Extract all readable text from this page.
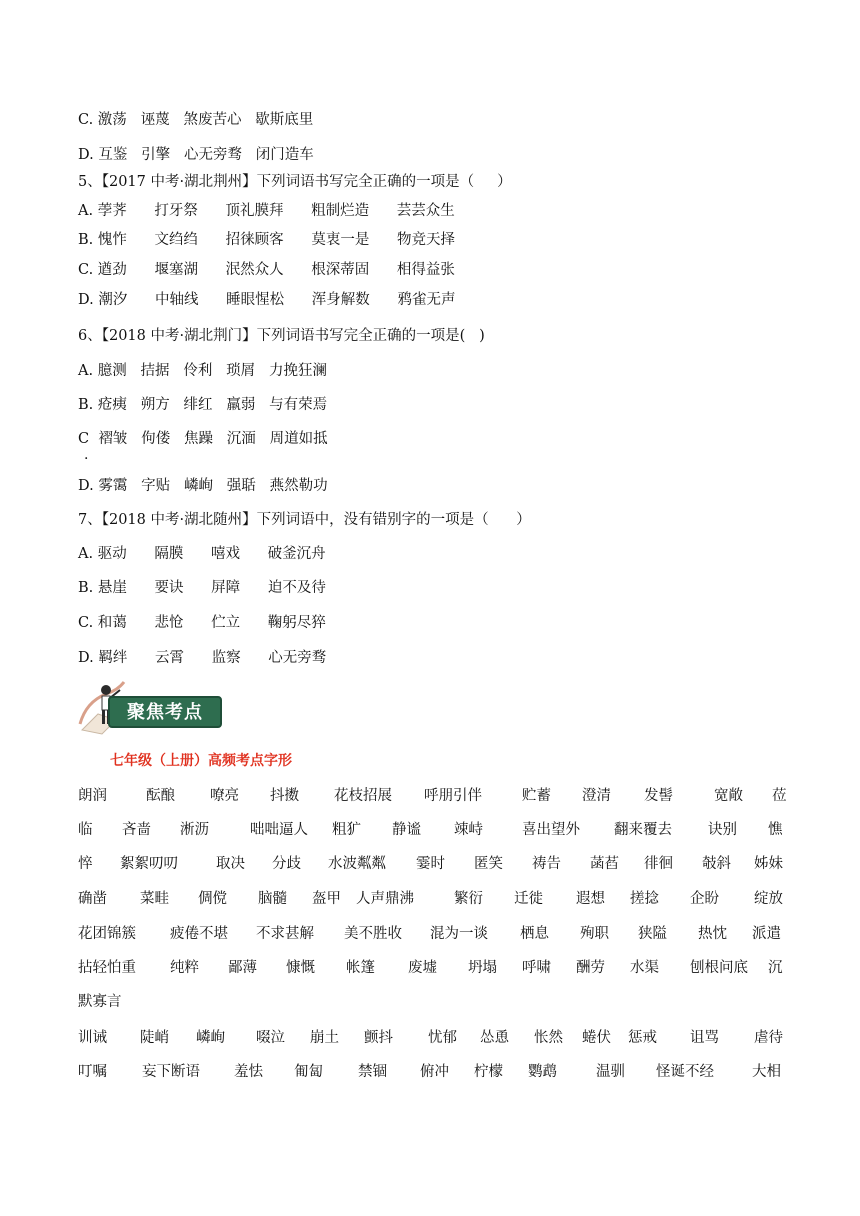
C. 激荡   诬蔑   煞废苦心   歇斯底里
D. 互鉴   引擎   心无旁骛   闭门造车
5、【2017 中考·湖北荆州】下列词语书写完全正确的一项是（     ）
A. 荸荠      打牙祭      顶礼膜拜      粗制烂造      芸芸众生
B. 愧怍      文绉绉      招徕顾客      莫衷一是      物竞天择
C. 遒劲      堰塞湖      泯然众人      根深蒂固      相得益张
D. 潮汐      中轴线      睡眼惺松      浑身解数      鸦雀无声
6、【2018 中考·湖北荆门】下列词语书写完全正确的一项是(   )
A. 臆测   拮据   伶利   琐屑   力挽狂澜
B. 疮痍   朔方   绯红   羸弱   与有荣焉
C  褶皱   佝偻   焦躁   沉湎   周道如抵
·
D. 雾霭   字贴   嶙峋   强聒   燕然勒功
7、【2018 中考·湖北随州】下列词语中，没有错别字的一项是（      ）
A. 驱动      隔膜      嘻戏      破釜沉舟
B. 悬崖      要诀      屏障      迫不及待
C. 和蔼      悲怆      伫立      鞠躬尽猝
D. 羁绊      云霄      监察      心无旁骛
聚焦考点
七年级（上册）高频考点字形
朗润	酝酿 嘹亮 抖擞 花枝招展 呼朋引伴	贮蓄 澄清 发髻	宽敞 莅
临 吝啬 淅沥	咄咄逼人 粗犷 静谧 竦峙	喜出望外 翻来覆去 诀别 憔
悴 絮絮叨叨	取决 分歧 水波粼粼 霎时 匿笑 祷告 菡萏 徘徊 攲斜 姊妹
确凿 菜畦 倜傥 脑髓 盔甲 人声鼎沸	繁衍 迁徙 遐想 搓捻 企盼 绽放
花团锦簇 疲倦不堪 不求甚解 美不胜收 混为一谈 栖息 殉职 狭隘 热忱 派遣
拈轻怕重 纯粹 鄙薄 慷慨 帐篷 废墟 坍塌 呼啸 酬劳 水渠 刨根问底 沉
默寡言
训诫 陡峭 嶙峋 啜泣 崩土 颤抖 忧郁 怂恿 怅然 蜷伏 惩戒 诅骂 虐待
叮嘱 妄下断语 羞怯 匍匐 禁锢 俯冲 柠檬 鹦鹉	温驯 怪诞不经	大相
